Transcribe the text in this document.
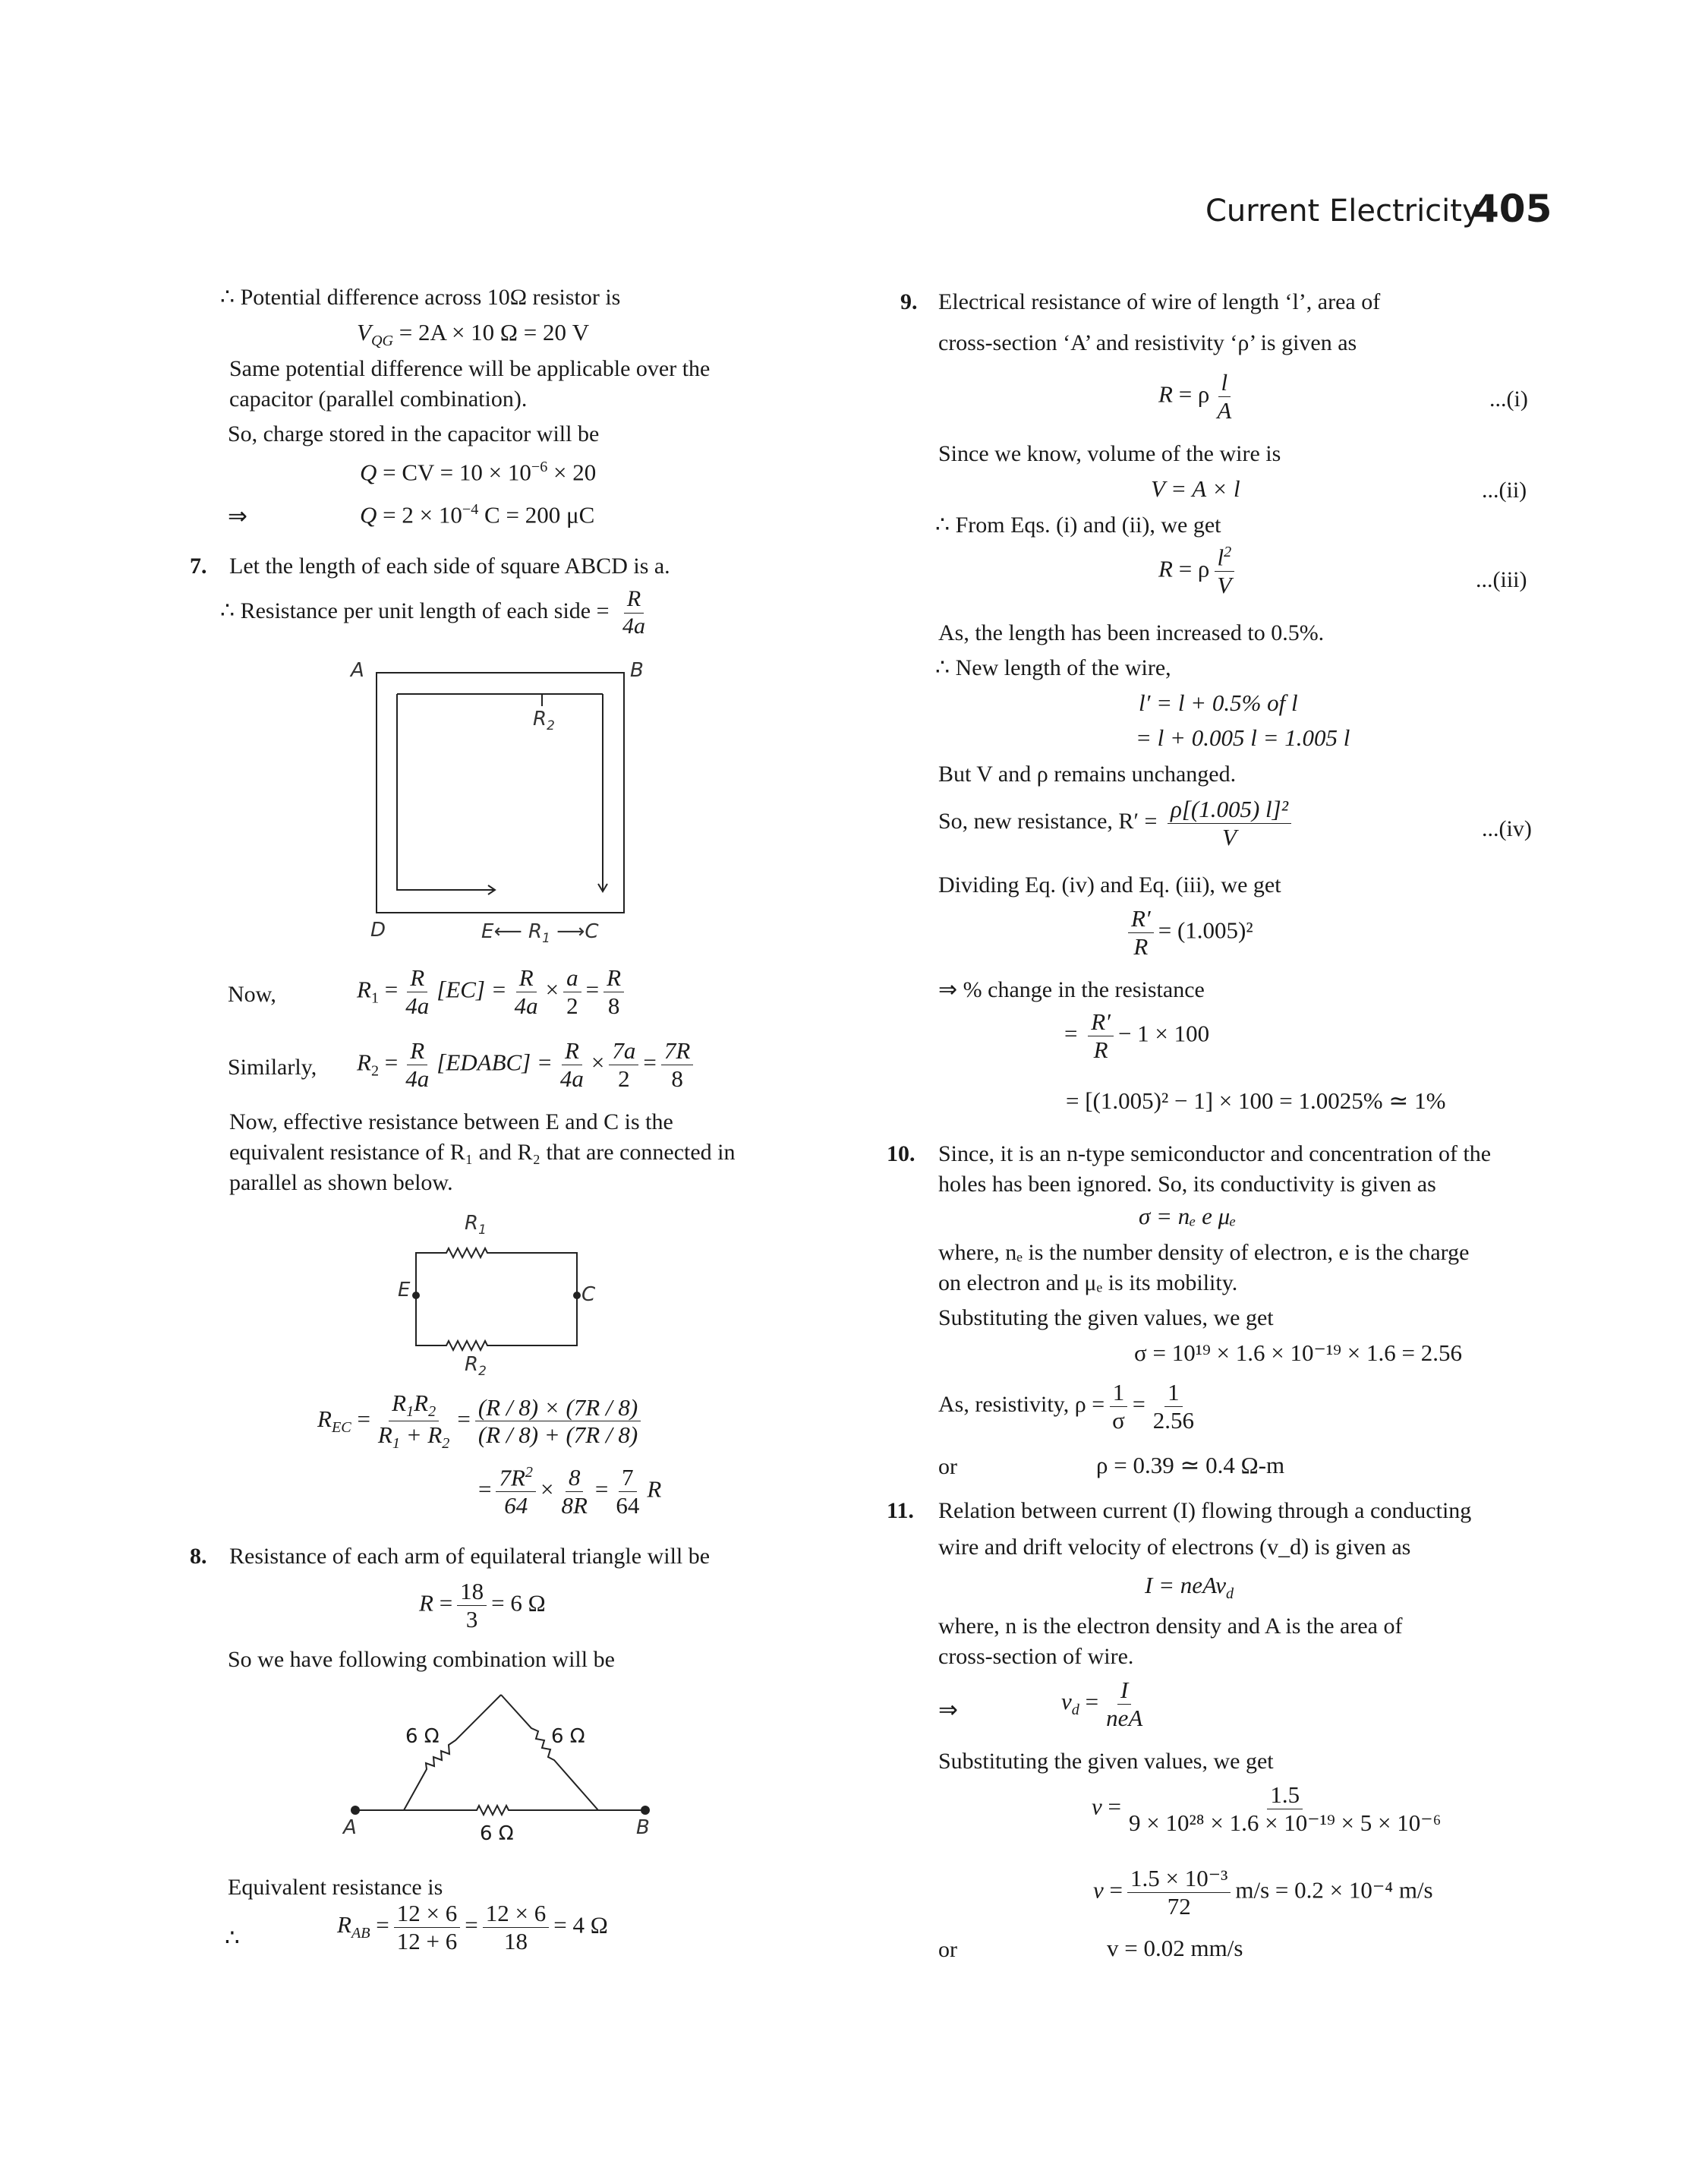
Current Electricity
405
∴ Potential difference across 10Ω resistor is
$V_{QG} = 2A \times 10$ Ω = 20 V
Same potential difference will be applicable over the
capacitor (parallel combination).
So, charge stored in the capacitor will be
Q = CV = $10 \times 10^{-6} \times 20$
⇒	$Q = 2 \times 10^{-4}$ C = 200 μC
7. Let the length of each side of square ABCD is a.
∴ Resistance per unit length of each side = $\frac{R}{4a}$
A	B
D
$R_2$
E⟵ $R_1$ ⟶C
Now,	$R_1 = \frac{R}{4a} [EC] = \frac{R}{4a} \times \frac{a}{2} = \frac{R}{8}$
Similarly, $R_2 = \frac{R}{4a}$ [EDABC] = $\frac{R}{4a} \times \frac{7a}{2} = \frac{7R}{8}$
Now, effective resistance between E and C is the
equivalent resistance of R₁ and R₂ that are connected in
parallel as shown below.
$R_1$
$R_2$
E	C
$R_{EC} = \frac{R_1R_2}{R_1 + R_2} = \frac{(R / 8) \times (7R / 8)}{(R / 8) + (7R / 8)}$
= $\frac{7R^2}{64} \times \frac{8}{8R} = \frac{7}{64}$ R
8. Resistance of each arm of equilateral triangle will be
$R = \frac{18}{3} = 6$ Ω
So we have following combination will be
6 Ω	6 Ω
6 Ω
A	B
Equivalent resistance is
∴	$R_{AB} = \frac{12 \times 6}{12 + 6} = \frac{12 \times 6}{18} = 4$ Ω
9. Electrical resistance of wire of length ‘l’, area of
cross-section ‘A’ and resistivity ‘ρ’ is given as
R = ρ $\frac{l}{A}$	...(i)
Since we know, volume of the wire is
V = A × l	...(ii)
∴ From Eqs. (i) and (ii), we get
R = ρ $\frac{l^2}{V}$	...(iii)
As, the length has been increased to 0.5%.
∴ New length of the wire,
l′ = l + 0.5% of l
= l + 0.005 l = 1.005 l
But V and ρ remains unchanged.
So, new resistance, $R' = \frac{\text{ρ[(1.005) l]²}}{V}$	...(iv)
Dividing Eq. (iv) and Eq. (iii), we get
$\frac{R'}{R} = (1.005)^2$
⇒ % change in the resistance
= $\frac{R'}{R} - 1 \times 100$
= [(1.005)² − 1] × 100 = 1.0025% ≃ 1%
10. Since, it is an n-type semiconductor and concentration of the
holes has been ignored. So, its conductivity is given as
σ = nₑ e μₑ
where, nₑ is the number density of electron, e is the charge
on electron and μₑ is its mobility.
Substituting the given values, we get
σ = 10¹⁹ × 1.6 × 10⁻¹⁹ × 1.6 = 2.56
As, resistivity, $\rho = \frac{1}{\sigma} = \frac{1}{2.56}$
or	ρ = 0.39 ≃ 0.4 Ω-m
11. Relation between current (I) flowing through a conducting
wire and drift velocity of electrons (v_d) is given as
I = neAv$_d$
where, n is the electron density and A is the area of
cross-section of wire.
⇒	$v_d = \frac{I}{\text{neA}}$
Substituting the given values, we get
$v = \frac{1.5}{\text{9 × 10²⁸ × 1.6 × 10⁻¹⁹ × 5 × 10⁻⁶}}$
$v = \frac{\text{1.5 × 10⁻³}}{72} m/s = 0.2 \times 10^{-4}$ m/s
or	v = 0.02 mm/s
